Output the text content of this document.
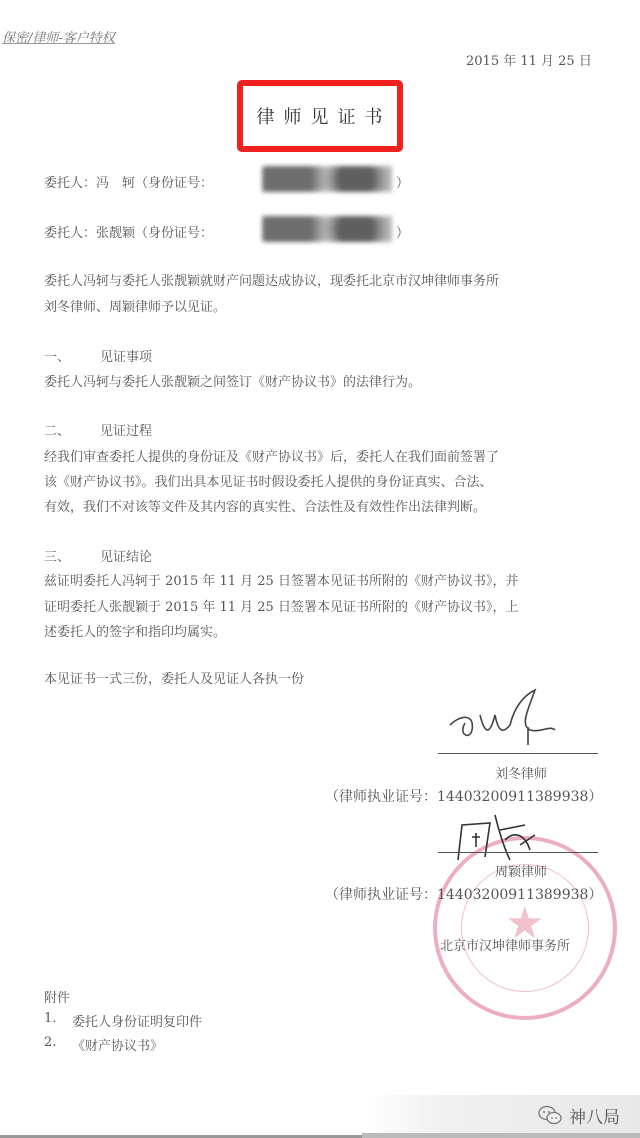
保密/律师-客户特权
2015 年 11 月 25 日
律师见证书
委托人：冯　轲（身份证号：	）
委托人：张靓颖（身份证号：	）
委托人冯轲与委托人张靓颖就财产问题达成协议，现委托北京市汉坤律师事务所
刘冬律师、周颖律师予以见证。
一、 见证事项
委托人冯轲与委托人张靓颖之间签订《财产协议书》的法律行为。
二、 见证过程
经我们审查委托人提供的身份证及《财产协议书》后，委托人在我们面前签署了
该《财产协议书》。我们出具本见证书时假设委托人提供的身份证真实、合法、
有效，我们不对该等文件及其内容的真实性、合法性及有效性作出法律判断。
三、 见证结论
兹证明委托人冯轲于 2015 年 11 月 25 日签署本见证书所附的《财产协议书》，并
证明委托人张靓颖于 2015 年 11 月 25 日签署本见证书所附的《财产协议书》，上
述委托人的签字和指印均属实。
本见证书一式三份，委托人及见证人各执一份
★
刘冬律师
（律师执业证号：14403200911389938）
周颖律师
（律师执业证号：14403200911389938）
北京市汉坤律师事务所
附件
1. 委托人身份证明复印件
2. 《财产协议书》
神八局
